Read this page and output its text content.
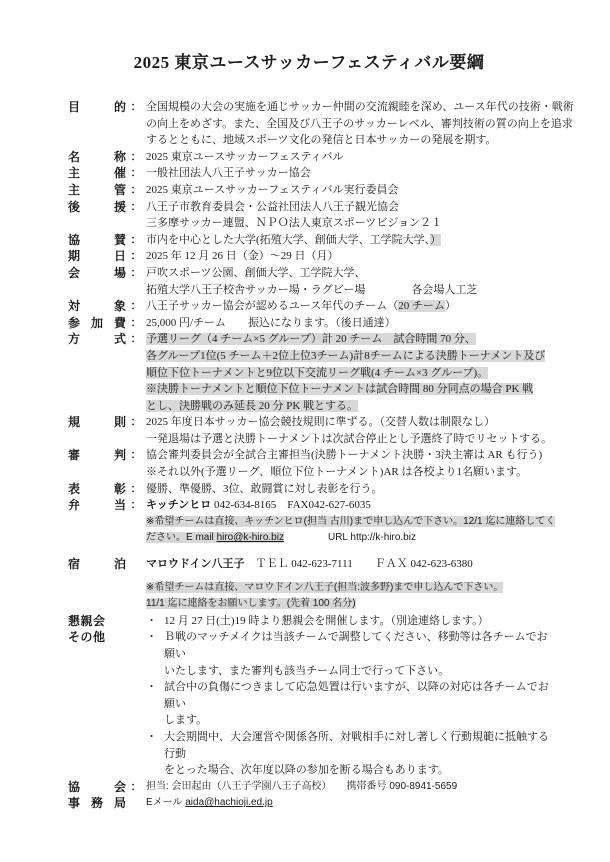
2025 東京ユースサッカーフェスティバル要綱
目的 ： 全国規模の大会の実施を通じサッカー仲間の交流親睦を深め、ユース年代の技術・戦術
の向上をめざす。また、全国及び八王子のサッカーレベル、審判技術の質の向上を追求
するとともに、地域スポーツ文化の発信と日本サッカーの発展を期す。
名称 ： 2025 東京ユースサッカーフェスティバル
主催 ： 一般社団法人八王子サッカー協会
主管 ： 2025 東京ユースサッカーフェスティバル実行委員会
後援 ： 八王子市教育委員会・公益社団法人八王子観光協会
三多摩サッカー連盟、ＮＰＯ法人東京スポーツビジョン２１
協賛 ： 市内を中心とした大学(拓殖大学、創価大学、工学院大学、）
期日 ： 2025 年 12 月 26 日（金）～29 日（月）
会場 ： 戸吹スポーツ公園、創価大学、工学院大学、
拓殖大学八王子校舎サッカー場・ラグビー場	各会場人工芝
対象 ： 八王子サッカー協会が認めるユース年代のチーム（20 チーム）
参加費 ： 25,000 円/チーム　　振込になります。（後日通達）
方式 ： 予選リーグ（4 チーム×5 グループ）計 20 チーム　試合時間 70 分、
各グループ1位(5 チーム＋2位上位3チーム)計8チームによる決勝トーナメント及び
順位下位トーナメントと9位以下交流リーグ戦(4 チーム×3 グループ)。
※決勝トーナメントと順位下位トーナメントは試合時間 80 分同点の場合 PK 戦
とし、決勝戦のみ延長 20 分 PK 戦とする。
規則 ： 2025 年度日本サッカー協会競技規則に準ずる。（交替人数は制限なし）
一発退場は予選と決勝トーナメントは次試合停止とし予選終了時でリセットする。
審判 ： 協会審判委員会が全試合主審担当(決勝トーナメント決勝・3決主審は AR も行う)
※それ以外(予選リーグ、順位下位トーナメント)AR は各校より1名願います。
表彰 ： 優勝、準優勝、3位、敢闘賞に対し表彰を行う。
弁当 ： キッチンヒロ 042-634-8165　FAX042-627-6035
※希望チームは直接、キッチンヒロ(担当 古川)まで申し込んで下さい。12/1 迄に連絡してく
ださい。E mail hiro@k-hiro.biz	URL http://k-hiro.biz
宿泊 マロウドイン八王子　ＴＥＬ 042-623-7111　　ＦＡＸ 042-623-6380
※希望チームは直接、マロウドイン八王子(担当:波多野)まで申し込んで下さい。
11/1 迄に連絡をお願いします。(先着 100 名分)
懇親会	・ 12 月 27 日(土)19 時より懇親会を開催します。（別途連絡します。）
その他	・ Ｂ戦のマッチメイクは当該チームで調整してください、移動等は各チームでお願い
いたします、また審判も該当チーム同士で行って下さい。
・ 試合中の負傷につきまして応急処置は行いますが、以降の対応は各チームでお願い
します。
・ 大会期間中、大会運営や関係各所、対戦相手に対し著しく行動規範に抵触する行動
をとった場合、次年度以降の参加を断る場合もあります。
協会 ： 担当: 会田起由（八王子学園八王子高校）　　携帯番号 090-8941-5659
事務局 Eメール aida@hachioji.ed.jp
